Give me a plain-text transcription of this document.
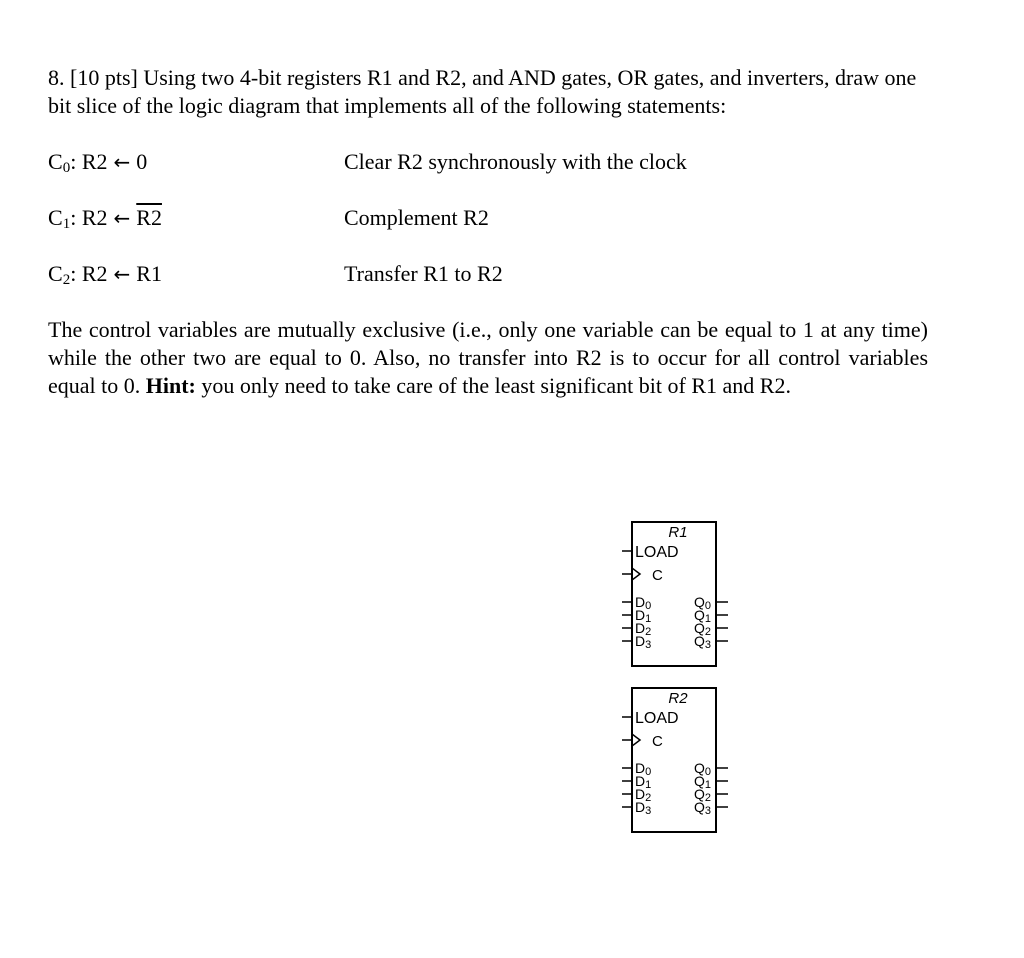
8. [10 pts] Using two 4-bit registers R1 and R2, and AND gates, OR gates, and inverters, draw one bit slice of the logic diagram that implements all of the following statements:
$C_0$: R2 ← 0	Clear R2 synchronously with the clock
$C_1$: R2 ← R2	Complement R2
$C_2$: R2 ← R1	Transfer R1 to R2
The control variables are mutually exclusive (i.e., only one variable can be equal to 1 at any time) while the other two are equal to 0. Also, no transfer into R2 is to occur for all control variables equal to 0. Hint: you only need to take care of the least significant bit of R1 and R2.
R1
LOAD
C
D0
D1
D2
D3
Q0
Q1
Q2
Q3
R2
LOAD
C
D0
D1
D2
D3
Q0
Q1
Q2
Q3
